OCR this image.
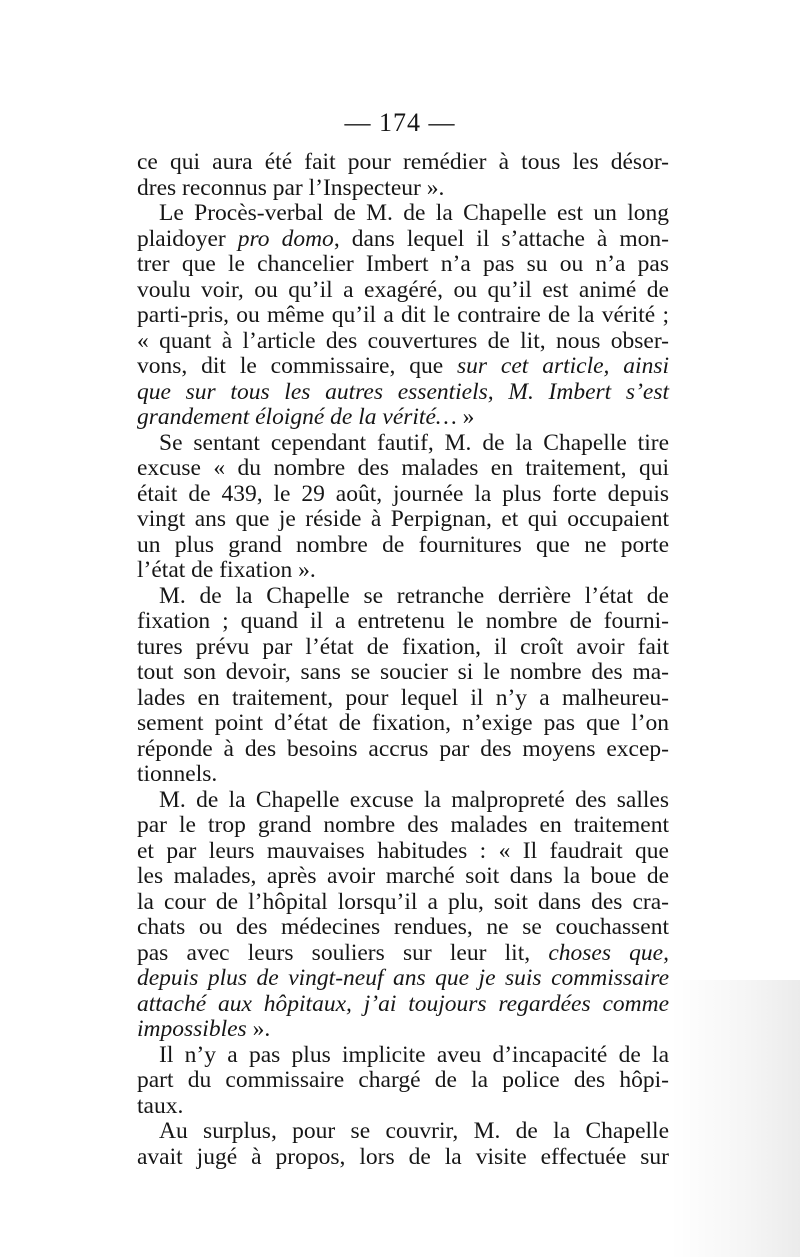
— 174 —
ce qui aura été fait pour remédier à tous les désor-
dres reconnus par l’Inspecteur ».
Le Procès-verbal de M. de la Chapelle est un long
plaidoyer pro domo, dans lequel il s’attache à mon-
trer que le chancelier Imbert n’a pas su ou n’a pas
voulu voir, ou qu’il a exagéré, ou qu’il est animé de
parti-pris, ou même qu’il a dit le contraire de la vérité ;
« quant à l’article des couvertures de lit, nous obser-
vons, dit le commissaire, que sur cet article, ainsi
que sur tous les autres essentiels, M. Imbert s’est
grandement éloigné de la vérité… »
Se sentant cependant fautif, M. de la Chapelle tire
excuse « du nombre des malades en traitement, qui
était de 439, le 29 août, journée la plus forte depuis
vingt ans que je réside à Perpignan, et qui occupaient
un plus grand nombre de fournitures que ne porte
l’état de fixation ».
M. de la Chapelle se retranche derrière l’état de
fixation ; quand il a entretenu le nombre de fourni-
tures prévu par l’état de fixation, il croît avoir fait
tout son devoir, sans se soucier si le nombre des ma-
lades en traitement, pour lequel il n’y a malheureu-
sement point d’état de fixation, n’exige pas que l’on
réponde à des besoins accrus par des moyens excep-
tionnels.
M. de la Chapelle excuse la malpropreté des salles
par le trop grand nombre des malades en traitement
et par leurs mauvaises habitudes : « Il faudrait que
les malades, après avoir marché soit dans la boue de
la cour de l’hôpital lorsqu’il a plu, soit dans des cra-
chats ou des médecines rendues, ne se couchassent
pas avec leurs souliers sur leur lit, choses que,
depuis plus de vingt-neuf ans que je suis commissaire
attaché aux hôpitaux, j’ai toujours regardées comme
impossibles ».
Il n’y a pas plus implicite aveu d’incapacité de la
part du commissaire chargé de la police des hôpi-
taux.
Au surplus, pour se couvrir, M. de la Chapelle
avait jugé à propos, lors de la visite effectuée sur
